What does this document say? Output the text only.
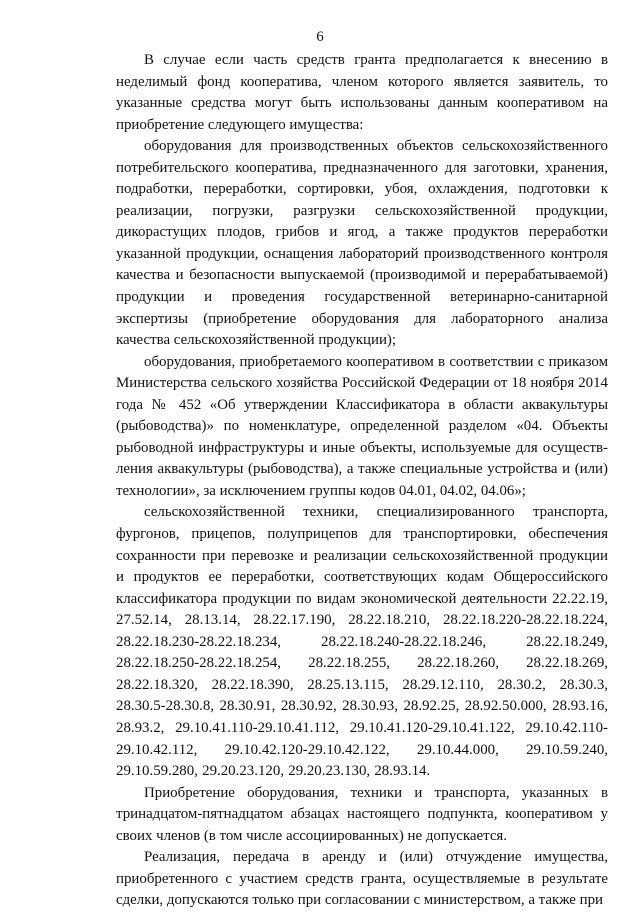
6

В случае если часть средств гранта предполагается к внесению в неделимый фонд кооператива, членом которого является заявитель, то указанные средства могут быть использованы данным кооперативом на приобретение следующего имущества:

оборудования для производственных объектов сельскохозяйственного потребительского кооператива, предназначенного для заготовки, хранения, подработки, переработки, сортировки, убоя, охлаждения, подготовки к реализации, погрузки, разгрузки сельскохозяйственной продукции, дикорастущих плодов, грибов и ягод, а также продуктов переработки указанной продукции, оснащения лабораторий производственного контроля качества и безопасности выпускаемой (производимой и перерабатываемой) продукции и проведения государственной ветеринарно-санитарной экспертизы (приобретение оборудования для лабораторного анализа качества сельскохозяйственной продукции);

оборудования, приобретаемого кооперативом в соответствии с приказом Министерства сельского хозяйства Российской Федерации от 18 ноября 2014 года № 452 «Об утверждении Классификатора в области аквакультуры (рыбоводства)» по номенклатуре, определенной разделом «04. Объекты рыбоводной инфраструктуры и иные объекты, используемые для осуществления аквакультуры (рыбоводства), а также специальные устройства и (или) технологии», за исключением группы кодов 04.01, 04.02, 04.06»;

сельскохозяйственной техники, специализированного транспорта, фургонов, прицепов, полуприцепов для транспортировки, обеспечения сохранности при перевозке и реализации сельскохозяйственной продукции и продуктов ее переработки, соответствующих кодам Общероссийского классификатора продукции по видам экономической деятельности 22.22.19, 27.52.14, 28.13.14, 28.22.17.190, 28.22.18.210, 28.22.18.220-28.22.18.224, 28.22.18.230-28.22.18.234, 28.22.18.240-28.22.18.246, 28.22.18.249, 28.22.18.250-28.22.18.254, 28.22.18.255, 28.22.18.260, 28.22.18.269, 28.22.18.320, 28.22.18.390, 28.25.13.115, 28.29.12.110, 28.30.2, 28.30.3, 28.30.5-28.30.8, 28.30.91, 28.30.92, 28.30.93, 28.92.25, 28.92.50.000, 28.93.16, 28.93.2, 29.10.41.110-29.10.41.112, 29.10.41.120-29.10.41.122, 29.10.42.110-29.10.42.112, 29.10.42.120-29.10.42.122, 29.10.44.000, 29.10.59.240, 29.10.59.280, 29.20.23.120, 29.20.23.130, 28.93.14.

Приобретение оборудования, техники и транспорта, указанных в тринадцатом-пятнадцатом абзацах настоящего подпункта, кооперативом у своих членов (в том числе ассоциированных) не допускается.

Реализация, передача в аренду и (или) отчуждение имущества, приобретенного с участием средств гранта, осуществляемые в результате сделки, допускаются только при согласовании с министерством, а также при
